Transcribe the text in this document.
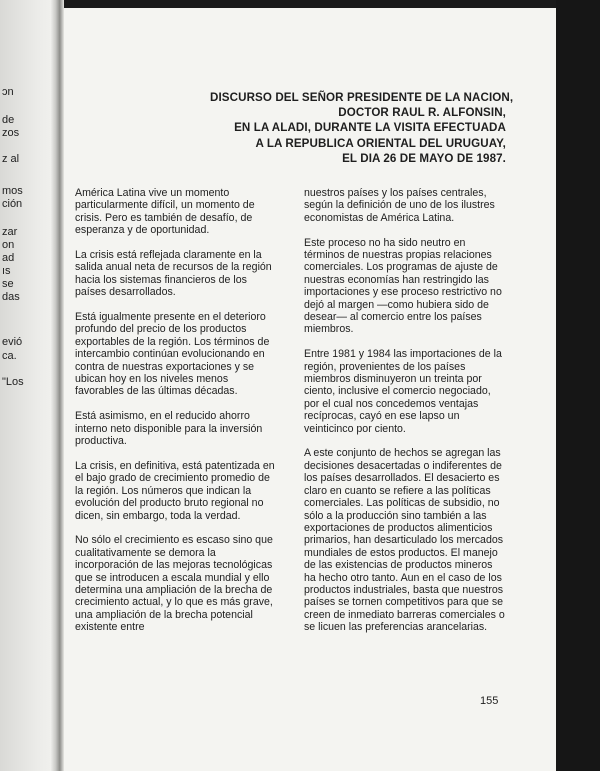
ɔn
de
zos
z al
mos
ción
zar
on
ad
ıs
se
das
evió
ca.
"Los
DISCURSO DEL SEÑOR PRESIDENTE DE LA NACION,
DOCTOR RAUL R. ALFONSIN,
EN LA ALADI, DURANTE LA VISITA EFECTUADA
A LA REPUBLICA ORIENTAL DEL URUGUAY,
EL DIA 26 DE MAYO DE 1987.

América Latina vive un momento particularmente difícil, un momento de crisis. Pero es también de desafío, de esperanza y de oportunidad.

La crisis está reflejada claramente en la salida anual neta de recursos de la región hacia los sistemas financieros de los países desarrollados.

Está igualmente presente en el deterioro profundo del precio de los productos exportables de la región. Los términos de intercambio continúan evolucionando en contra de nuestras exportaciones y se ubican hoy en los niveles menos favorables de las últimas décadas.

Está asimismo, en el reducido ahorro interno neto disponible para la inversión productiva.

La crisis, en definitiva, está patentizada en el bajo grado de crecimiento promedio de la región. Los números que indican la evolución del producto bruto regional no dicen, sin embargo, toda la verdad.

No sólo el crecimiento es escaso sino que cualitativamente se demora la incorporación de las mejoras tecnológicas que se introducen a escala mundial y ello determina una ampliación de la brecha de crecimiento actual, y lo que es más grave, una ampliación de la brecha potencial existente entre

nuestros países y los países centrales, según la definición de uno de los ilustres economistas de América Latina.

Este proceso no ha sido neutro en términos de nuestras propias relaciones comerciales. Los programas de ajuste de nuestras economías han restringido las importaciones y ese proceso restrictivo no dejó al margen —como hubiera sido de desear— al comercio entre los países miembros.

Entre 1981 y 1984 las importaciones de la región, provenientes de los países miembros disminuyeron un treinta por ciento, inclusive el comercio negociado, por el cual nos concedemos ventajas recíprocas, cayó en ese lapso un veinticinco por ciento.

A este conjunto de hechos se agregan las decisiones desacertadas o indiferentes de los países desarrollados. El desacierto es claro en cuanto se refiere a las políticas comerciales. Las políticas de subsidio, no sólo a la producción sino también a las exportaciones de productos alimenticios primarios, han desarticulado los mercados mundiales de estos productos. El manejo de las existencias de productos mineros ha hecho otro tanto. Aun en el caso de los productos industriales, basta que nuestros países se tornen competitivos para que se creen de inmediato barreras comerciales o se licuen las preferencias arancelarias.

155
